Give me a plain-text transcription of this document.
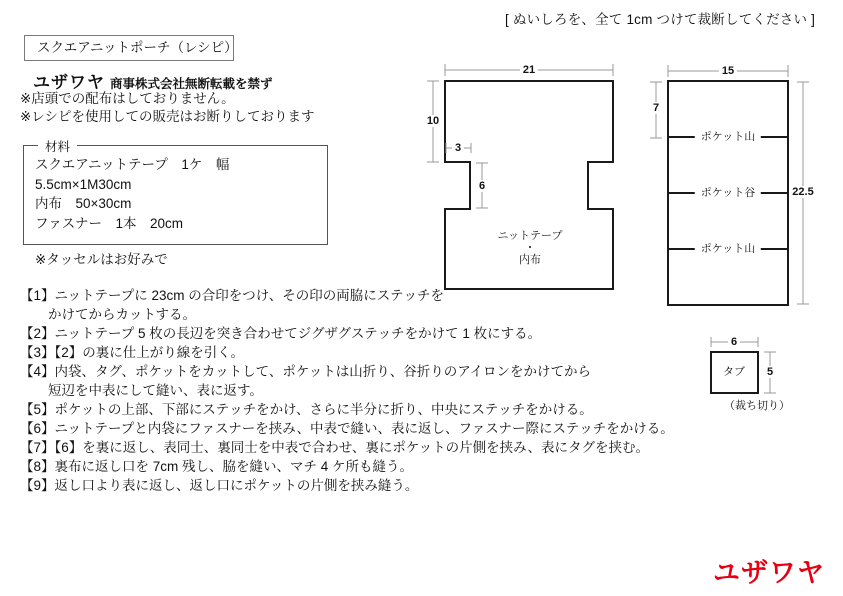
[ ぬいしろを、全て 1cm つけて裁断してください ]
スクエアニットポーチ（レシピ）
ユザワヤ 商事株式会社無断転載を禁ず
※店頭での配布はしておりません。
※レシピを使用しての販売はお断りしております
材料
スクエアニットテープ　1ケ　幅 5.5cm×1M30cm
内布　50×30cm
ファスナー　1本　20cm
※タッセルはお好みで
21
10
3
6
15
7
22.5
6
5
ニットテープ
・
内布
ポケット山
ポケット谷
ポケット山
タブ
（裁ち切り）
【1】ニットテープに 23cm の合印をつけ、その印の両脇にステッチを
かけてからカットする。
【2】ニットテープ 5 枚の長辺を突き合わせてジグザグステッチをかけて 1 枚にする。
【3】【2】の裏に仕上がり線を引く。
【4】内袋、タグ、ポケットをカットして、ポケットは山折り、谷折りのアイロンをかけてから
短辺を中表にして縫い、表に返す。
【5】ポケットの上部、下部にステッチをかけ、さらに半分に折り、中央にステッチをかける。
【6】ニットテープと内袋にファスナーを挟み、中表で縫い、表に返し、ファスナー際にステッチをかける。
【7】【6】を裏に返し、表同士、裏同士を中表で合わせ、裏にポケットの片側を挟み、表にタグを挟む。
【8】裏布に返し口を 7cm 残し、脇を縫い、マチ 4 ケ所も縫う。
【9】返し口より表に返し、返し口にポケットの片側を挟み縫う。
ユザワヤ
